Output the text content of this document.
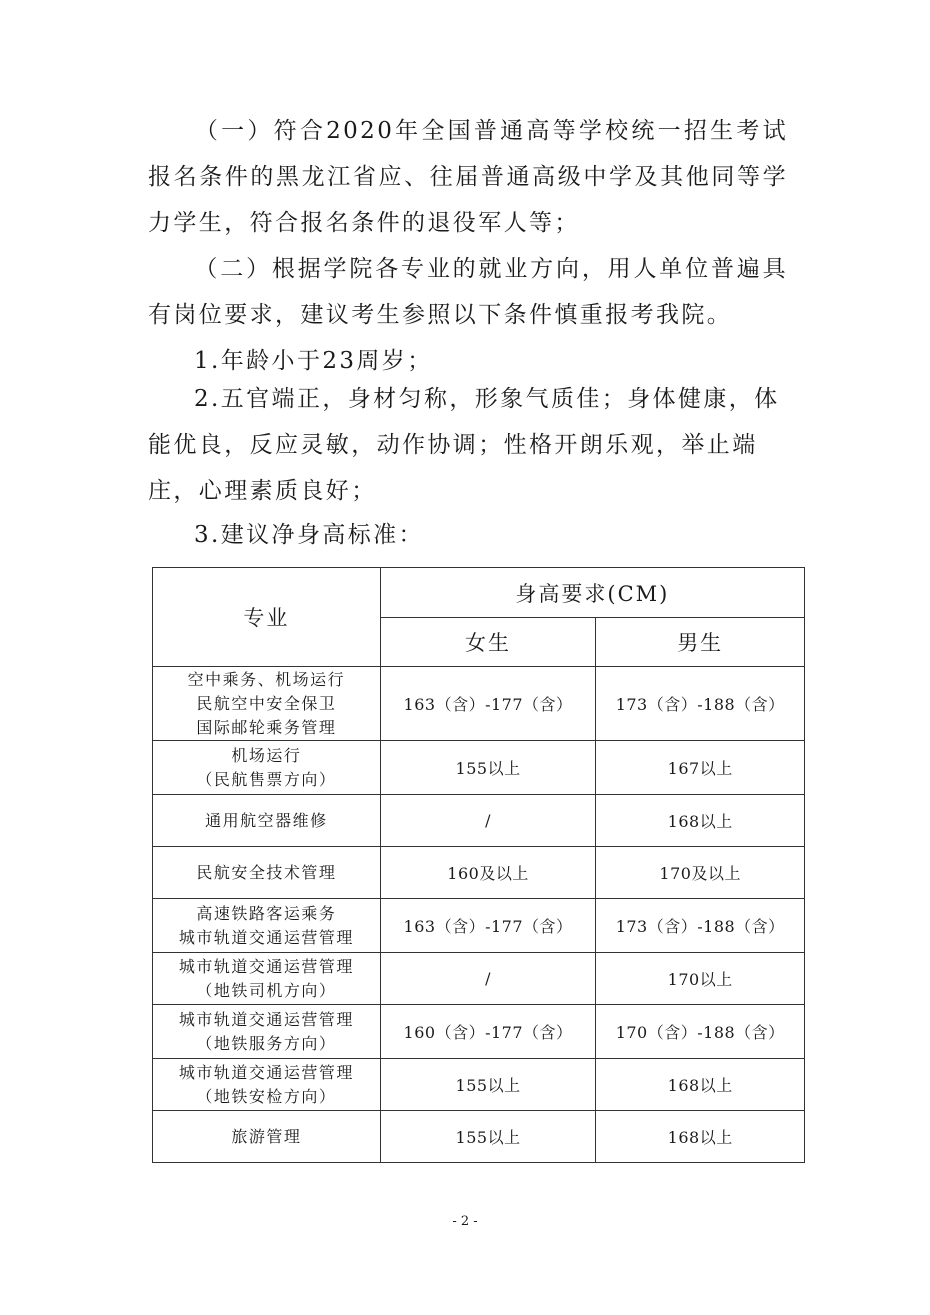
（一）符合2020年全国普通高等学校统一招生考试报名条件的黑龙江省应、往届普通高级中学及其他同等学力学生，符合报名条件的退役军人等；

（二）根据学院各专业的就业方向，用人单位普遍具有岗位要求，建议考生参照以下条件慎重报考我院。

1.年龄小于23周岁；

2.五官端正，身材匀称，形象气质佳；身体健康，体能优良，反应灵敏，动作协调；性格开朗乐观，举止端庄，心理素质良好；

3.建议净身高标准：

专业	身高要求(CM)	
	女生	男生

空中乘务、机场运行
民航空中安全保卫
国际邮轮乘务管理	163（含）-177（含）	173（含）-188（含）

机场运行
（民航售票方向）	155以上	167以上

通用航空器维修	/	168以上

民航安全技术管理	160及以上	170及以上

高速铁路客运乘务
城市轨道交通运营管理	163（含）-177（含）	173（含）-188（含）

城市轨道交通运营管理
（地铁司机方向）	/	170以上

城市轨道交通运营管理
（地铁服务方向）	160（含）-177（含）	170（含）-188（含）

城市轨道交通运营管理
（地铁安检方向）	155以上	168以上

旅游管理	155以上	168以上
- 2 -
